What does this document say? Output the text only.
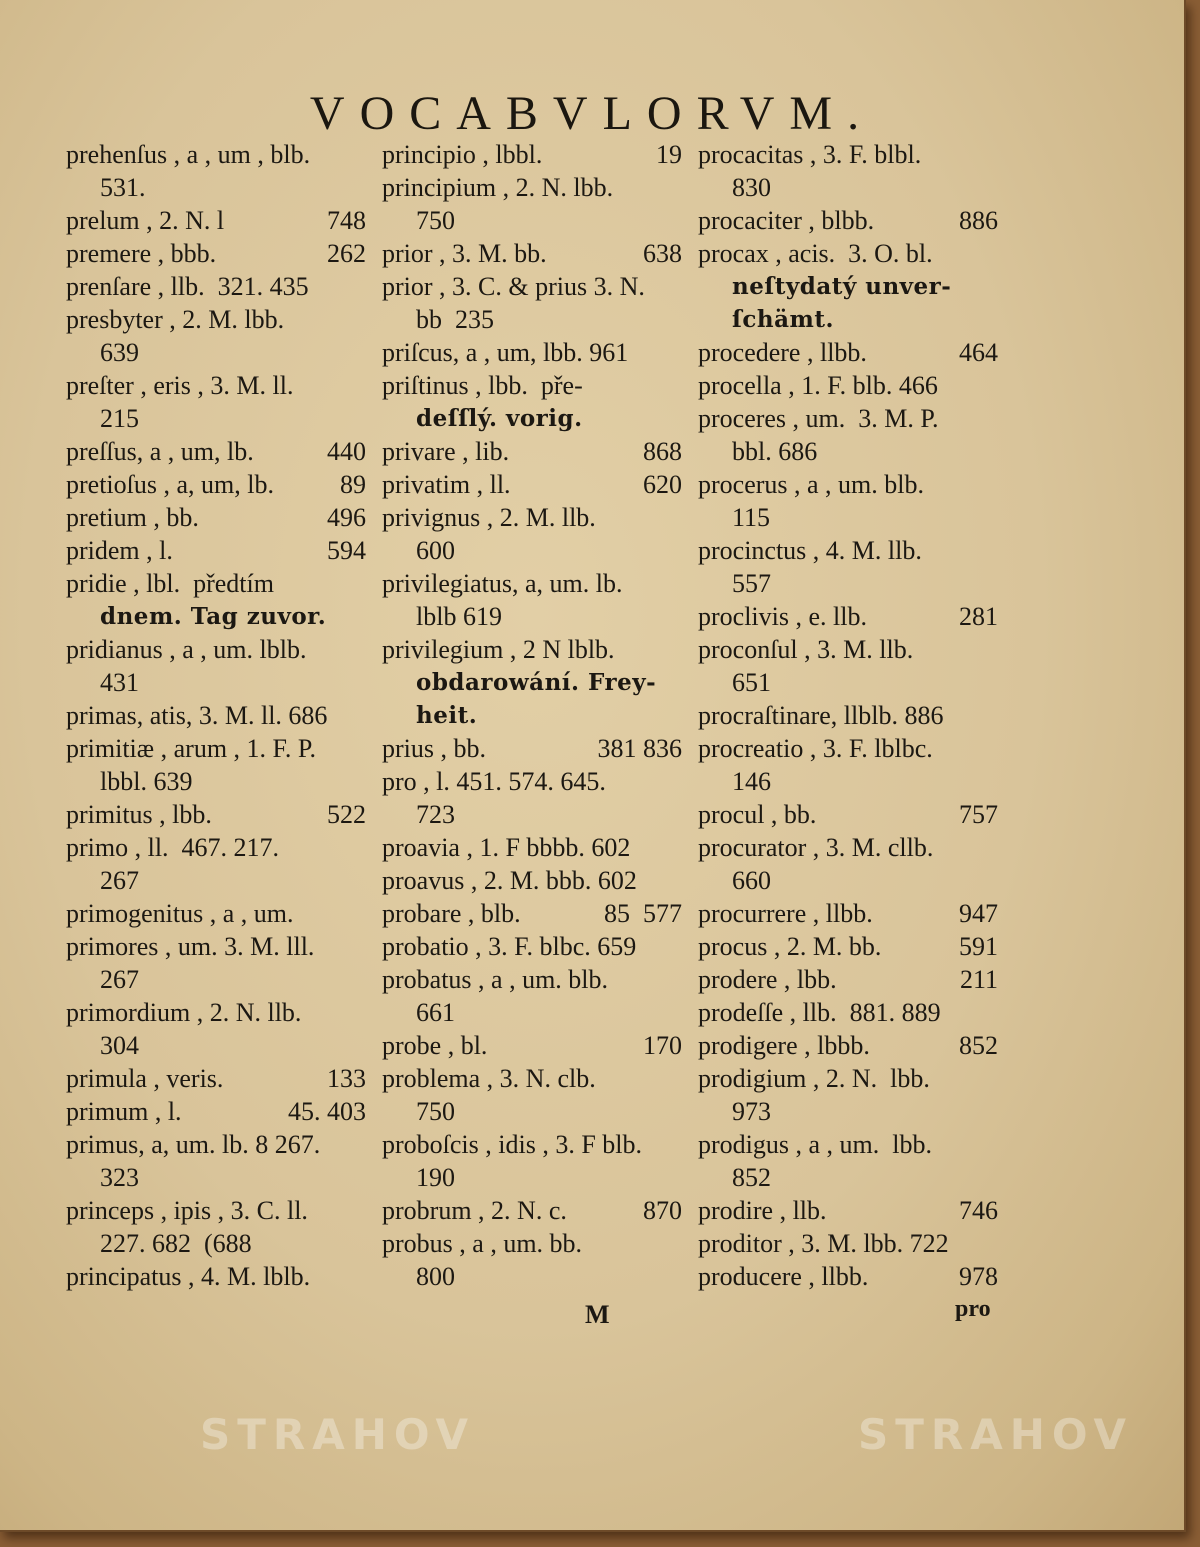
VOCABVLORVM.
prehenſus , a , um , blb.
531.
748
prelum , 2. N. l
262
premere , bbb.
prenſare , llb.  321. 435
presbyter , 2. M. lbb.
639
preſter , eris , 3. M. ll.
215
440
preſſus, a , um, lb.
89
pretioſus , a, um, lb.
496
pretium , bb.
594
pridem , l.
pridie , lbl.  předtím
dnem. Tag zuvor.
pridianus , a , um. lblb.
431
primas, atis, 3. M. ll. 686
primitiæ , arum , 1. F. P.
lbbl. 639
522
primitus , lbb.
primo , ll.  467. 217.
267
primogenitus , a , um.
primores , um. 3. M. lll.
267
primordium , 2. N. llb.
304
133
primula , veris.
45. 403
primum , l.
primus, a, um. lb. 8 267.
323
princeps , ipis , 3. C. ll.
227. 682  (688
principatus , 4. M. lblb.
19
principio , lbbl.
principium , 2. N. lbb.
750
638
prior , 3. M. bb.
prior , 3. C. & prius 3. N.
bb  235
priſcus, a , um, lbb. 961
priſtinus , lbb.  pře-
deſſlý. vorig.
868
privare , lib.
620
privatim , ll.
privignus , 2. M. llb.
600
privilegiatus, a, um. lb.
lblb 619
privilegium , 2 N lblb.
obdarowání. Frey-
heit.
381 836
prius , bb.
pro , l. 451. 574. 645.
723
proavia , 1. F bbbb. 602
proavus , 2. M. bbb. 602
85  577
probare , blb.
probatio , 3. F. blbc. 659
probatus , a , um. blb.
661
170
probe , bl.
problema , 3. N. clb.
750
proboſcis , idis , 3. F blb.
190
870
probrum , 2. N. c.
probus , a , um. bb.
800
procacitas , 3. F. blbl.
830
886
procaciter , blbb.
procax , acis.  3. O. bl.
neſtydatý unver-
ſchämt.
464
procedere , llbb.
procella , 1. F. blb. 466
proceres , um.  3. M. P.
bbl. 686
procerus , a , um. blb.
115
procinctus , 4. M. llb.
557
281
proclivis , e. llb.
proconſul , 3. M. llb.
651
procraſtinare, llblb. 886
procreatio , 3. F. lblbc.
146
757
procul , bb.
procurator , 3. M. cllb.
660
947
procurrere , llbb.
591
procus , 2. M. bb.
211
prodere , lbb.
prodeſſe , llb.  881. 889
852
prodigere , lbbb.
prodigium , 2. N.  lbb.
973
prodigus , a , um.  lbb.
852
746
prodire , llb.
proditor , 3. M. lbb. 722
978
producere , llbb.
M	pro
STRAHOV	STRAHOV
